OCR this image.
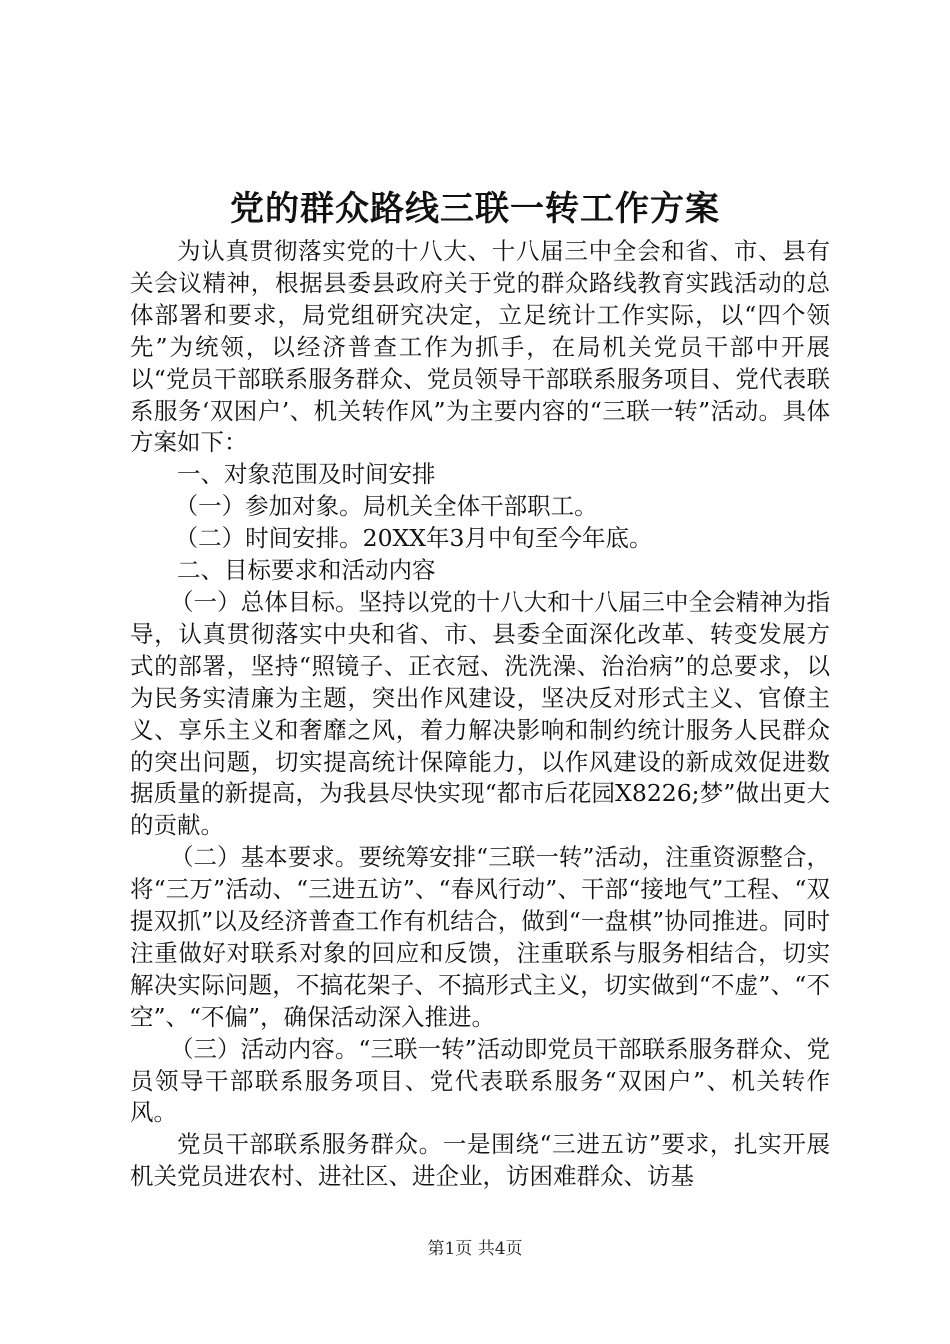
党的群众路线三联一转工作方案

为认真贯彻落实党的十八大、十八届三中全会和省、市、县有关会议精神，根据县委县政府关于党的群众路线教育实践活动的总体部署和要求，局党组研究决定，立足统计工作实际，以“四个领先”为统领，以经济普查工作为抓手，在局机关党员干部中开展以“党员干部联系服务群众、党员领导干部联系服务项目、党代表联系服务‘双困户’、机关转作风”为主要内容的“三联一转”活动。具体方案如下：

一、对象范围及时间安排

（一）参加对象。局机关全体干部职工。

（二）时间安排。20XX年3月中旬至今年底。

二、目标要求和活动内容

（一）总体目标。坚持以党的十八大和十八届三中全会精神为指导，认真贯彻落实中央和省、市、县委全面深化改革、转变发展方式的部署，坚持“照镜子、正衣冠、洗洗澡、治治病”的总要求，以为民务实清廉为主题，突出作风建设，坚决反对形式主义、官僚主义、享乐主义和奢靡之风，着力解决影响和制约统计服务人民群众的突出问题，切实提高统计保障能力，以作风建设的新成效促进数据质量的新提高，为我县尽快实现“都市后花园X8226;梦”做出更大的贡献。

（二）基本要求。要统筹安排“三联一转”活动，注重资源整合，将“三万”活动、“三进五访”、“春风行动”、干部“接地气”工程、“双提双抓”以及经济普查工作有机结合，做到“一盘棋”协同推进。同时注重做好对联系对象的回应和反馈，注重联系与服务相结合，切实解决实际问题，不搞花架子、不搞形式主义，切实做到“不虚”、“不空”、“不偏”，确保活动深入推进。

（三）活动内容。“三联一转”活动即党员干部联系服务群众、党员领导干部联系服务项目、党代表联系服务“双困户”、机关转作风。

党员干部联系服务群众。一是围绕“三进五访”要求，扎实开展机关党员进农村、进社区、进企业，访困难群众、访基

第1页 共4页
